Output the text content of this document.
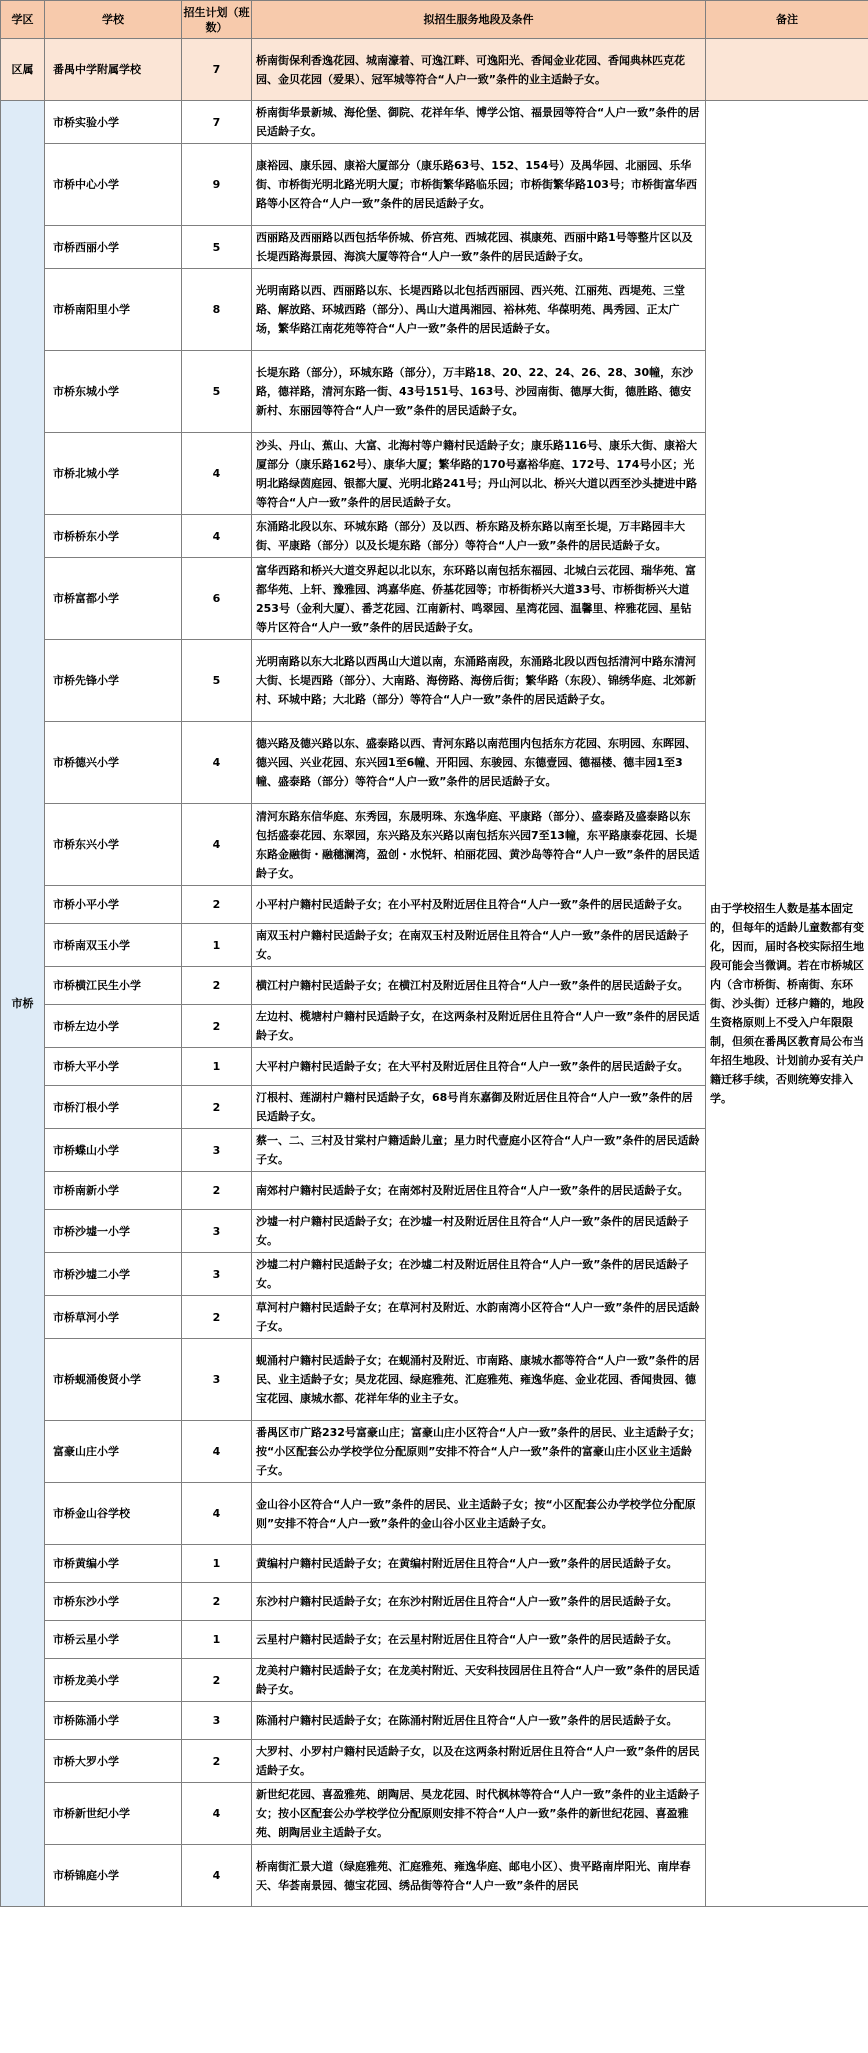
学区	学校	招生计划（班数）	拟招生服务地段及条件	备注
区属	番禺中学附属学校	7	桥南街保利香逸花园、城南濠着、可逸江畔、可逸阳光、香闻金业花园、香闻典林匹克花园、金贝花园（爱果）、冠军城等符合“人户一致”条件的业主适龄子女。	
市桥	市桥实验小学	7	桥南街华景新城、海伦堡、御院、花祥年华、博学公馆、福景园等符合“人户一致”条件的居民适龄子女。	由于学校招生人数是基本固定的，但每年的适龄儿童数都有变化，因而，届时各校实际招生地段可能会当微调。若在市桥城区内（含市桥街、桥南街、东环街、沙头街）迁移户籍的，地段生资格原则上不受入户年限限制，但须在番禺区教育局公布当年招生地段、计划前办妥有关户籍迁移手续，否则统筹安排入学。
	市桥中心小学	9	康裕园、康乐园、康裕大厦部分（康乐路63号、152、154号）及禺华园、北丽园、乐华街、市桥街光明北路光明大厦；市桥街繁华路临乐园；市桥街繁华路103号；市桥街富华西路等小区符合“人户一致”条件的居民适龄子女。	
	市桥西丽小学	5	西丽路及西丽路以西包括华侨城、侨宫苑、西城花园、祺康苑、西丽中路1号等整片区以及长堤西路海景园、海滨大厦等符合“人户一致”条件的居民适龄子女。	
	市桥南阳里小学	8	光明南路以西、西丽路以东、长堤西路以北包括西丽园、西兴苑、江丽苑、西堤苑、三堂路、解放路、环城西路（部分）、禺山大道禺湘园、裕林苑、华葆明苑、禺秀园、正太广场，繁华路江南花苑等符合“人户一致”条件的居民适龄子女。	
	市桥东城小学	5	长堤东路（部分），环城东路（部分），万丰路18、20、22、24、26、28、30幢，东沙路，德祥路，清河东路一街、43号151号、163号、沙园南街、德厚大街，德胜路、德安新村、东丽园等符合“人户一致”条件的居民适龄子女。	
	市桥北城小学	4	沙头、丹山、蕉山、大富、北海村等户籍村民适龄子女；康乐路116号、康乐大街、康裕大厦部分（康乐路162号）、康华大厦；繁华路的170号嘉裕华庭、172号、174号小区；光明北路绿茵庭园、银都大厦、光明北路241号；丹山河以北、桥兴大道以西至沙头捷进中路等符合“人户一致”条件的居民适龄子女。	
	市桥桥东小学	4	东涌路北段以东、环城东路（部分）及以西、桥东路及桥东路以南至长堤，万丰路园丰大街、平康路（部分）以及长堤东路（部分）等符合“人户一致”条件的居民适龄子女。	
	市桥富都小学	6	富华西路和桥兴大道交界起以北以东，东环路以南包括东福园、北城白云花园、瑞华苑、富都华苑、上轩、豫雅园、鸿嘉华庭、侨基花园等；市桥街桥兴大道33号、市桥街桥兴大道253号（金利大厦）、番芝花园、江南新村、鸣翠园、星湾花园、温馨里、梓雅花园、星钻等片区符合“人户一致”条件的居民适龄子女。	
	市桥先锋小学	5	光明南路以东大北路以西禺山大道以南，东涌路南段，东涌路北段以西包括清河中路东清河大街、长堤西路（部分）、大南路、海傍路、海傍后街；繁华路（东段）、锦绣华庭、北郊新村、环城中路；大北路（部分）等符合“人户一致”条件的居民适龄子女。	
	市桥德兴小学	4	德兴路及德兴路以东、盛泰路以西、青河东路以南范围内包括东方花园、东明园、东晖园、德兴园、兴业花园、东兴园1至6幢、开阳园、东骏园、东德壹园、德福楼、德丰园1至3幢、盛泰路（部分）等符合“人户一致”条件的居民适龄子女。	
	市桥东兴小学	4	清河东路东信华庭、东秀园，东晟明珠、东逸华庭、平康路（部分）、盛泰路及盛泰路以东包括盛泰花园、东翠园，东兴路及东兴路以南包括东兴园7至13幢，东平路康泰花园、长堤东路金融街・融穗澜湾，盈创・水悦轩、柏丽花园、黄沙岛等符合“人户一致”条件的居民适龄子女。	
	市桥小平小学	2	小平村户籍村民适龄子女；在小平村及附近居住且符合“人户一致”条件的居民适龄子女。	
	市桥南双玉小学	1	南双玉村户籍村民适龄子女；在南双玉村及附近居住且符合“人户一致”条件的居民适龄子女。	
	市桥横江民生小学	2	横江村户籍村民适龄子女；在横江村及附近居住且符合“人户一致”条件的居民适龄子女。	
	市桥左边小学	2	左边村、榄塘村户籍村民适龄子女，在这两条村及附近居住且符合“人户一致”条件的居民适龄子女。	
	市桥大平小学	1	大平村户籍村民适龄子女；在大平村及附近居住且符合“人户一致”条件的居民适龄子女。	
	市桥汀根小学	2	汀根村、莲湖村户籍村民适龄子女，68号肖东嘉御及附近居住且符合“人户一致”条件的居民适龄子女。	
	市桥蝶山小学	3	蔡一、二、三村及甘棠村户籍适龄儿童；星力时代壹庭小区符合“人户一致”条件的居民适龄子女。	
	市桥南新小学	2	南郊村户籍村民适龄子女；在南郊村及附近居住且符合“人户一致”条件的居民适龄子女。	
	市桥沙墟一小学	3	沙墟一村户籍村民适龄子女；在沙墟一村及附近居住且符合“人户一致”条件的居民适龄子女。	
	市桥沙墟二小学	3	沙墟二村户籍村民适龄子女；在沙墟二村及附近居住且符合“人户一致”条件的居民适龄子女。	
	市桥草河小学	2	草河村户籍村民适龄子女；在草河村及附近、水韵南湾小区符合“人户一致”条件的居民适龄子女。	
	市桥蚬涌俊贤小学	3	蚬涌村户籍村民适龄子女；在蚬涌村及附近、市南路、康城水都等符合“人户一致”条件的居民、业主适龄子女；昊龙花园、绿庭雅苑、汇庭雅苑、雍逸华庭、金业花园、香闻贵园、德宝花园、康城水都、花祥年华的业主子女。	
	富豪山庄小学	4	番禺区市广路232号富豪山庄；富豪山庄小区符合“人户一致”条件的居民、业主适龄子女；按“小区配套公办学校学位分配原则”安排不符合“人户一致”条件的富豪山庄小区业主适龄子女。	
	市桥金山谷学校	4	金山谷小区符合“人户一致”条件的居民、业主适龄子女；按“小区配套公办学校学位分配原则”安排不符合“人户一致”条件的金山谷小区业主适龄子女。	
	市桥黄编小学	1	黄编村户籍村民适龄子女；在黄编村附近居住且符合“人户一致”条件的居民适龄子女。	
	市桥东沙小学	2	东沙村户籍村民适龄子女；在东沙村附近居住且符合“人户一致”条件的居民适龄子女。	
	市桥云星小学	1	云星村户籍村民适龄子女；在云星村附近居住且符合“人户一致”条件的居民适龄子女。	
	市桥龙美小学	2	龙美村户籍村民适龄子女；在龙美村附近、天安科技园居住且符合“人户一致”条件的居民适龄子女。	
	市桥陈涌小学	3	陈涌村户籍村民适龄子女；在陈涌村附近居住且符合“人户一致”条件的居民适龄子女。	
	市桥大罗小学	2	大罗村、小罗村户籍村民适龄子女，以及在这两条村附近居住且符合“人户一致”条件的居民适龄子女。	
	市桥新世纪小学	4	新世纪花园、喜盈雅苑、朗陶居、昊龙花园、时代枫林等符合“人户一致”条件的业主适龄子女；按小区配套公办学校学位分配原则安排不符合“人户一致”条件的新世纪花园、喜盈雅苑、朗陶居业主适龄子女。	
	市桥锦庭小学	4	桥南街汇景大道（绿庭雅苑、汇庭雅苑、雍逸华庭、邮电小区）、贵平路南岸阳光、南岸春天、华荟南景园、德宝花园、绣品街等符合“人户一致”条件的居民	
